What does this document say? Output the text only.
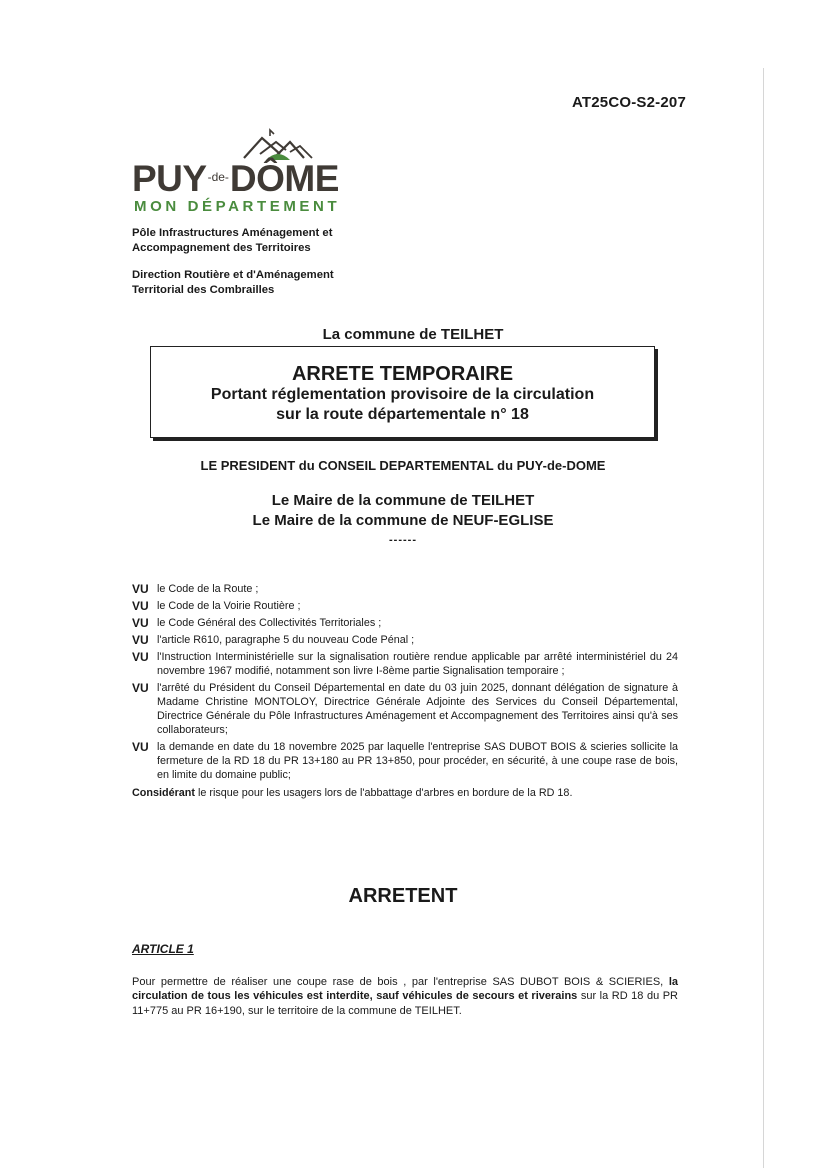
AT25CO-S2-207
PUY-de-DÔME
MON DÉPARTEMENT
Pôle Infrastructures Aménagement et
Accompagnement des Territoires
Direction Routière et d'Aménagement
Territorial des Combrailles
La commune de TEILHET
ARRETE TEMPORAIRE
Portant réglementation provisoire de la circulation
sur la route départementale n° 18
LE PRESIDENT du CONSEIL DEPARTEMENTAL du PUY-de-DOME
Le Maire de la commune de TEILHET
Le Maire de la commune de NEUF-EGLISE
------
VU le Code de la Route ;
VU le Code de la Voirie Routière ;
VU le Code Général des Collectivités Territoriales ;
VU l'article R610, paragraphe 5 du nouveau Code Pénal ;
VU l'Instruction Interministérielle sur la signalisation routière rendue applicable par arrêté interministériel du 24 novembre 1967 modifié, notamment son livre I-8ème partie Signalisation temporaire ;
VU l'arrêté du Président du Conseil Départemental en date du 03 juin 2025, donnant délégation de signature à Madame Christine MONTOLOY, Directrice Générale Adjointe des Services du Conseil Départemental, Directrice Générale du Pôle Infrastructures Aménagement et Accompagnement des Territoires ainsi qu'à ses collaborateurs;
VU la demande en date du 18 novembre 2025 par laquelle l'entreprise SAS DUBOT BOIS & scieries sollicite la fermeture de la RD 18 du PR 13+180 au PR 13+850, pour procéder, en sécurité, à une coupe rase de bois, en limite du domaine public;
Considérant le risque pour les usagers lors de l'abbattage d'arbres en bordure de la RD 18.
ARRETENT
ARTICLE 1
Pour permettre de réaliser une coupe rase de bois , par l'entreprise SAS DUBOT BOIS & SCIERIES, la circulation de tous les véhicules est interdite, sauf véhicules de secours et riverains sur la RD 18 du PR 11+775 au PR 16+190, sur le territoire de la commune de TEILHET.
